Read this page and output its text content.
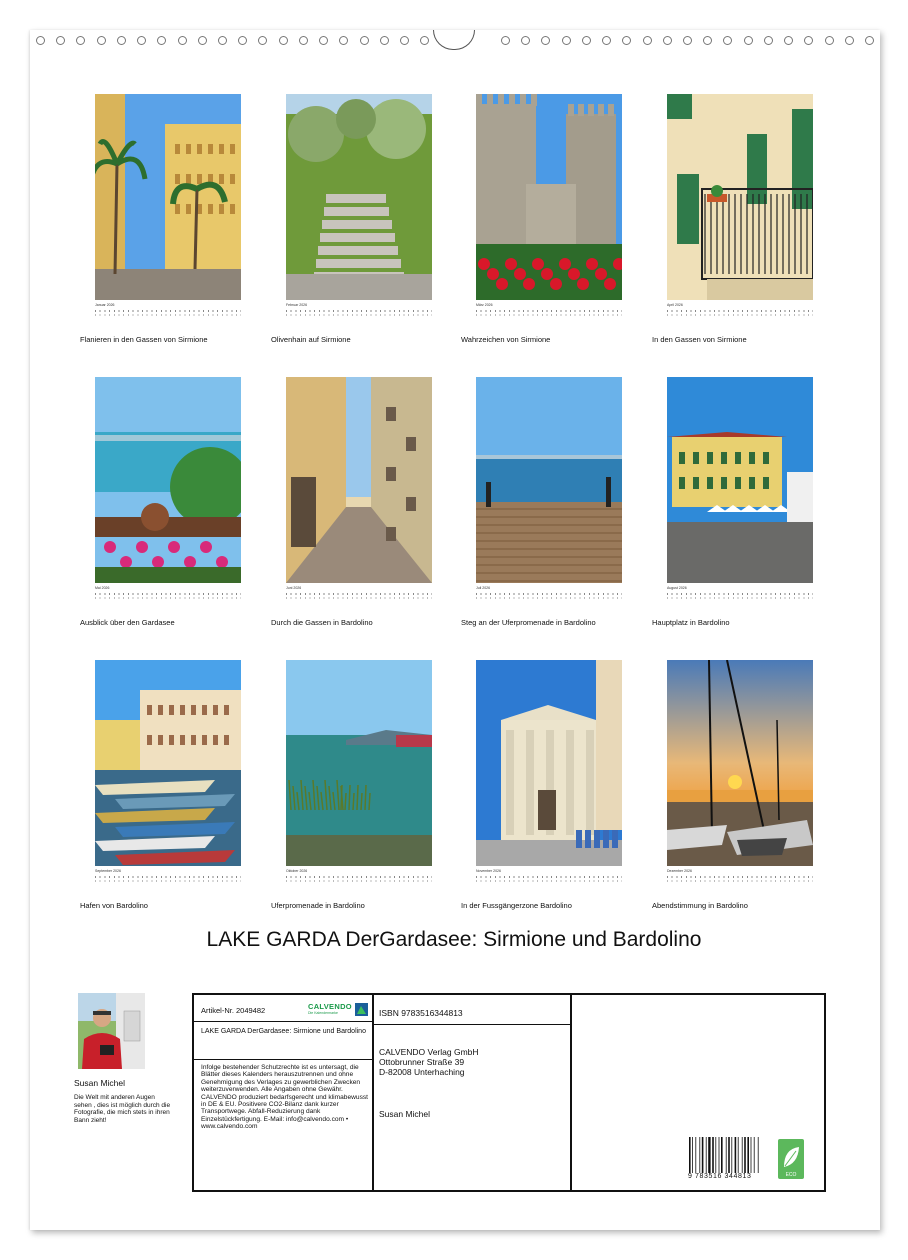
Januar 2026
Flanieren in den Gassen von Sirmione
Februar 2026
Olivenhain auf Sirmione
März 2026
Wahrzeichen von Sirmione
April 2026
In den Gassen von Sirmione
Mai 2026
Ausblick über den Gardasee
Juni 2026
Durch die Gassen in Bardolino
Juli 2026
Steg an der Uferpromenade in Bardolino
August 2026
Hauptplatz in Bardolino
September 2026
Hafen von Bardolino
Oktober 2026
Uferpromenade in Bardolino
November 2026
In der Fussgängerzone Bardolino
Dezember 2026
Abendstimmung in Bardolino
LAKE GARDA DerGardasee: Sirmione und Bardolino
Susan Michel
Die Welt mit anderen Augen sehen , dies ist möglich durch die Fotografie, die mich stets in ihren Bann zieht!
Artikel-Nr. 2049482	CALVENDO
Die Kalendermarke
LAKE GARDA DerGardasee: Sirmione und Bardolino
Infolge bestehender Schutzrechte ist es untersagt, die Blätter dieses Kalenders herauszutrennen und ohne Genehmigung des Verlages zu gewerblichen Zwecken weiterzuverwenden. Alle Angaben ohne Gewähr. CALVENDO produziert bedarfsgerecht und klimabewusst in DE & EU. Positivere CO2-Bilanz dank kurzer Transportwege. Abfall-Reduzierung dank Einzelstückfertigung. E-Mail: info@calvendo.com • www.calvendo.com
ISBN 9783516344813
CALVENDO Verlag GmbH
Ottobrunner Straße 39
D-82008 Unterhaching
Susan Michel
9 783516 344813	ECO
